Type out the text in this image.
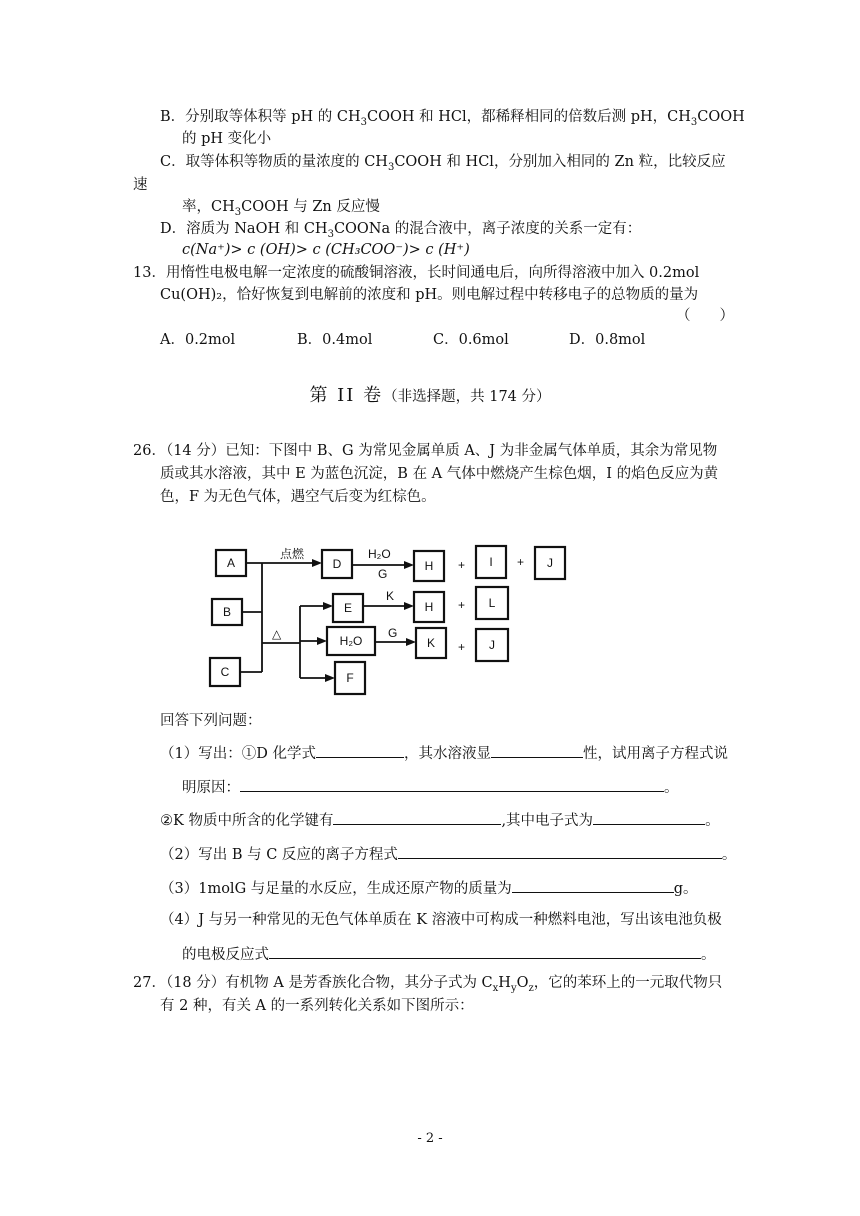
B．分别取等体积等 pH 的 $CH_3COOH$ 和 HCl，都稀释相同的倍数后测 pH，$CH_3COOH$
的 pH 变化小
C．取等体积等物质的量浓度的 $CH_3COOH$ 和 HCl，分别加入相同的 Zn 粒，比较反应
速
率，$CH_3COOH$ 与 Zn 反应慢
D．溶质为 NaOH 和 $CH_3COONa$ 的混合液中，离子浓度的关系一定有：
c(Na⁺)> c (OH)> c (CH₃COO⁻)> c (H⁺)
13．用惰性电极电解一定浓度的硫酸铜溶液，长时间通电后，向所得溶液中加入 0.2mol
Cu(OH)₂，恰好恢复到电解前的浓度和 pH。则电解过程中转移电子的总物质的量为
（　　）
A．0.2mol	B．0.4mol	C．0.6mol	D．0.8mol
第 II 卷（非选择题，共 174 分）
26．（14 分）已知：下图中 B、G 为常见金属单质 A、J 为非金属气体单质，其余为常见物
质或其水溶液，其中 E 为蓝色沉淀，B 在 A 气体中燃烧产生棕色烟，I 的焰色反应为黄
色，F 为无色气体，遇空气后变为红棕色。
A
B
C
D	H	I	J
E	H	L
H₂O	K	J
F
点燃	H₂O
G
+	+
△
K
+
G
+
回答下列问题：
（1）写出：①D 化学式	，其水溶液显	性，试用离子方程式说
明原因：	。
②K 物质中所含的化学键有	,其中电子式为	。
（2）写出 B 与 C 反应的离子方程式	。
（3）1molG 与足量的水反应，生成还原产物的质量为	g。
（4）J 与另一种常见的无色气体单质在 K 溶液中可构成一种燃料电池，写出该电池负极
的电极反应式	。
27．（18 分）有机物 A 是芳香族化合物，其分子式为 $C_xH_yO_z$，它的苯环上的一元取代物只
有 2 种，有关 A 的一系列转化关系如下图所示：
- 2 -
